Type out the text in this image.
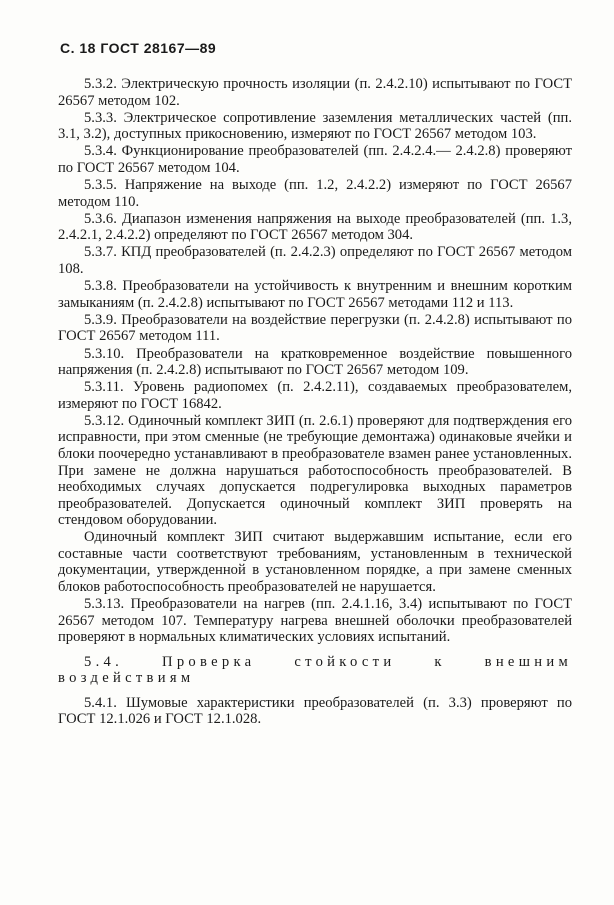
С. 18 ГОСТ 28167—89

5.3.2. Электрическую прочность изоляции (п. 2.4.2.10) испытывают по ГОСТ 26567 методом 102.

5.3.3. Электрическое сопротивление заземления металлических частей (пп. 3.1, 3.2), доступных прикосновению, измеряют по ГОСТ 26567 методом 103.

5.3.4. Функционирование преобразователей (пп. 2.4.2.4.— 2.4.2.8) проверяют по ГОСТ 26567 методом 104.

5.3.5. Напряжение на выходе (пп. 1.2, 2.4.2.2) измеряют по ГОСТ 26567 методом 110.

5.3.6. Диапазон изменения напряжения на выходе преобразователей (пп. 1.3, 2.4.2.1, 2.4.2.2) определяют по ГОСТ 26567 методом 304.

5.3.7. КПД преобразователей (п. 2.4.2.3) определяют по ГОСТ 26567 методом 108.

5.3.8. Преобразователи на устойчивость к внутренним и внешним коротким замыканиям (п. 2.4.2.8) испытывают по ГОСТ 26567 методами 112 и 113.

5.3.9. Преобразователи на воздействие перегрузки (п. 2.4.2.8) испытывают по ГОСТ 26567 методом 111.

5.3.10. Преобразователи на кратковременное воздействие повышенного напряжения (п. 2.4.2.8) испытывают по ГОСТ 26567 методом 109.

5.3.11. Уровень радиопомех (п. 2.4.2.11), создаваемых преобразователем, измеряют по ГОСТ 16842.

5.3.12. Одиночный комплект ЗИП (п. 2.6.1) проверяют для подтверждения его исправности, при этом сменные (не требующие демонтажа) одинаковые ячейки и блоки поочередно устанавливают в преобразователе взамен ранее установленных. При замене не должна нарушаться работоспособность преобразователей. В необходимых случаях допускается подрегулировка выходных параметров преобразователей. Допускается одиночный комплект ЗИП проверять на стендовом оборудовании.

Одиночный комплект ЗИП считают выдержавшим испытание, если его составные части соответствуют требованиям, установленным в технической документации, утвержденной в установленном порядке, а при замене сменных блоков работоспособность преобразователей не нарушается.

5.3.13. Преобразователи на нагрев (пп. 2.4.1.16, 3.4) испытывают по ГОСТ 26567 методом 107. Температуру нагрева внешней оболочки преобразователей проверяют в нормальных климатических условиях испытаний.

5.4. Проверка стойкости к внешним воздействиям

5.4.1. Шумовые характеристики преобразователей (п. 3.3) проверяют по ГОСТ 12.1.026 и ГОСТ 12.1.028.
